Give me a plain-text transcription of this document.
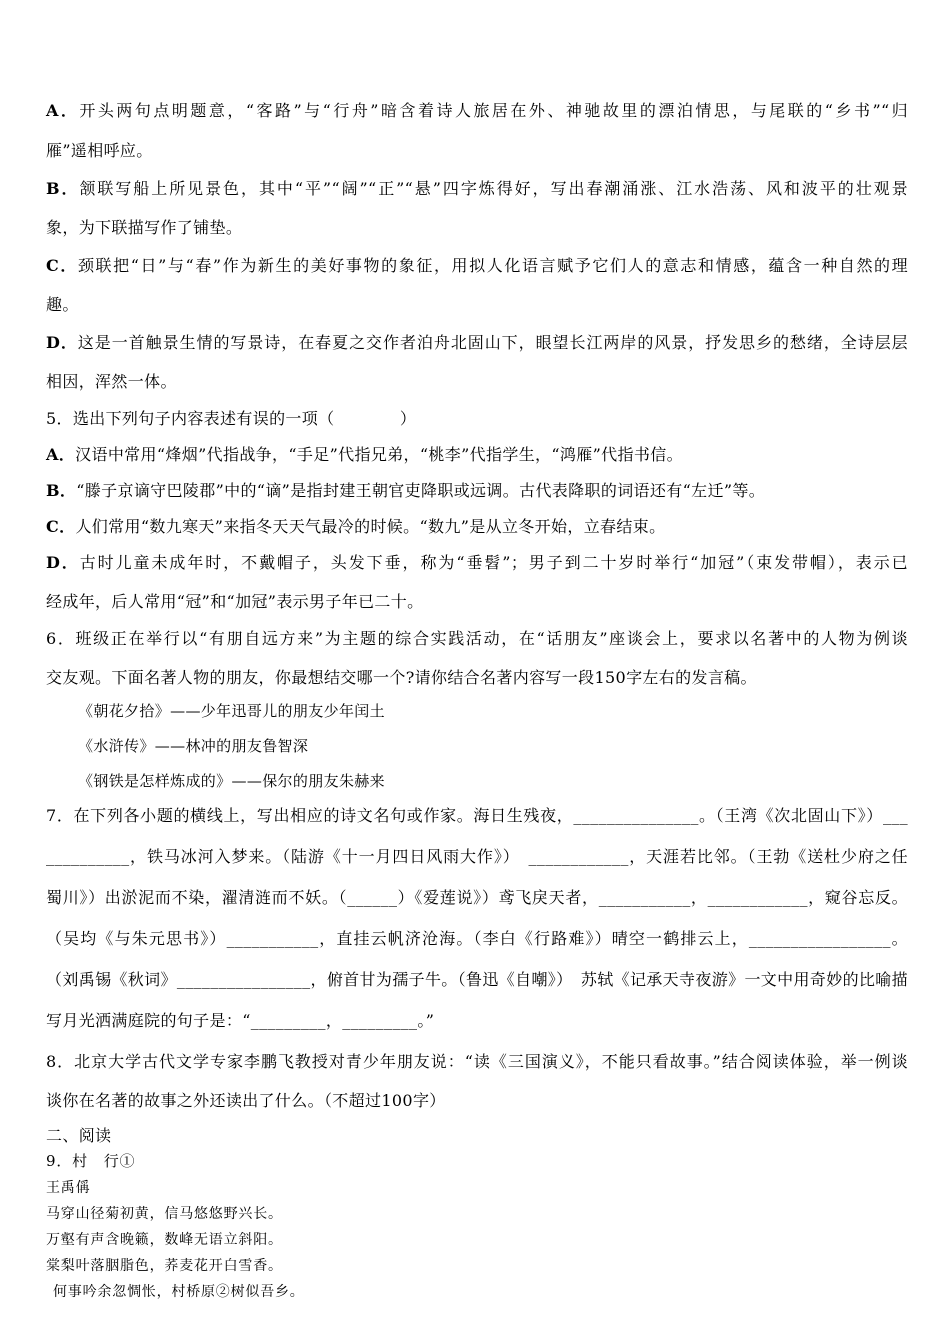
A．开头两句点明题意，“客路”与“行舟”暗含着诗人旅居在外、神驰故里的漂泊情思，与尾联的“乡书”“归
雁”遥相呼应。
B．颔联写船上所见景色，其中“平”“阔”“正”“悬”四字炼得好，写出春潮涌涨、江水浩荡、风和波平的壮观景
象，为下联描写作了铺垫。
C．颈联把“日”与“春”作为新生的美好事物的象征，用拟人化语言赋予它们人的意志和情感，蕴含一种自然的理
趣。
D．这是一首触景生情的写景诗，在春夏之交作者泊舟北固山下，眼望长江两岸的风景，抒发思乡的愁绪，全诗层层
相因，浑然一体。
5．选出下列句子内容表述有误的一项（　　　　）
A．汉语中常用“烽烟”代指战争，“手足”代指兄弟，“桃李”代指学生，“鸿雁”代指书信。
B．“滕子京谪守巴陵郡”中的“谪”是指封建王朝官吏降职或远调。古代表降职的词语还有“左迁”等。
C．人们常用“数九寒天”来指冬天天气最冷的时候。“数九”是从立冬开始，立春结束。
D．古时儿童未成年时，不戴帽子，头发下垂，称为“垂髫”；男子到二十岁时举行“加冠”（束发带帽），表示已
经成年，后人常用“冠”和“加冠”表示男子年已二十。
6．班级正在举行以“有朋自远方来”为主题的综合实践活动，在“话朋友”座谈会上，要求以名著中的人物为例谈
交友观。下面名著人物的朋友，你最想结交哪一个?请你结合名著内容写一段150字左右的发言稿。
《朝花夕拾》——少年迅哥儿的朋友少年闰土
《水浒传》——林冲的朋友鲁智深
《钢铁是怎样炼成的》——保尔的朋友朱赫来
7．在下列各小题的横线上，写出相应的诗文名句或作家。海日生残夜，_______________。（王湾《次北固山下》）___
__________，铁马冰河入梦来。（陆游《十一月四日风雨大作》）　____________，天涯若比邻。（王勃《送杜少府之任
蜀川》）出淤泥而不染，濯清涟而不妖。（______）《爱莲说》）鸢飞戾天者，___________，____________，窥谷忘反。
（吴均《与朱元思书》）___________，直挂云帆济沧海。（李白《行路难》）晴空一鹤排云上，_________________。
（刘禹锡《秋词》________________，俯首甘为孺子牛。（鲁迅《自嘲》）　苏轼《记承天寺夜游》一文中用奇妙的比喻描
写月光洒满庭院的句子是：“_________，_________。”
8．北京大学古代文学专家李鹏飞教授对青少年朋友说：“读《三国演义》，不能只看故事。”结合阅读体验，举一例谈
谈你在名著的故事之外还读出了什么。（不超过100字）
二、阅读
9．村　行①
王禹偁
马穿山径菊初黄，信马悠悠野兴长。
万壑有声含晚籁，数峰无语立斜阳。
棠梨叶落胭脂色，荞麦花开白雪香。
何事吟余忽惆怅，村桥原②树似吾乡。
